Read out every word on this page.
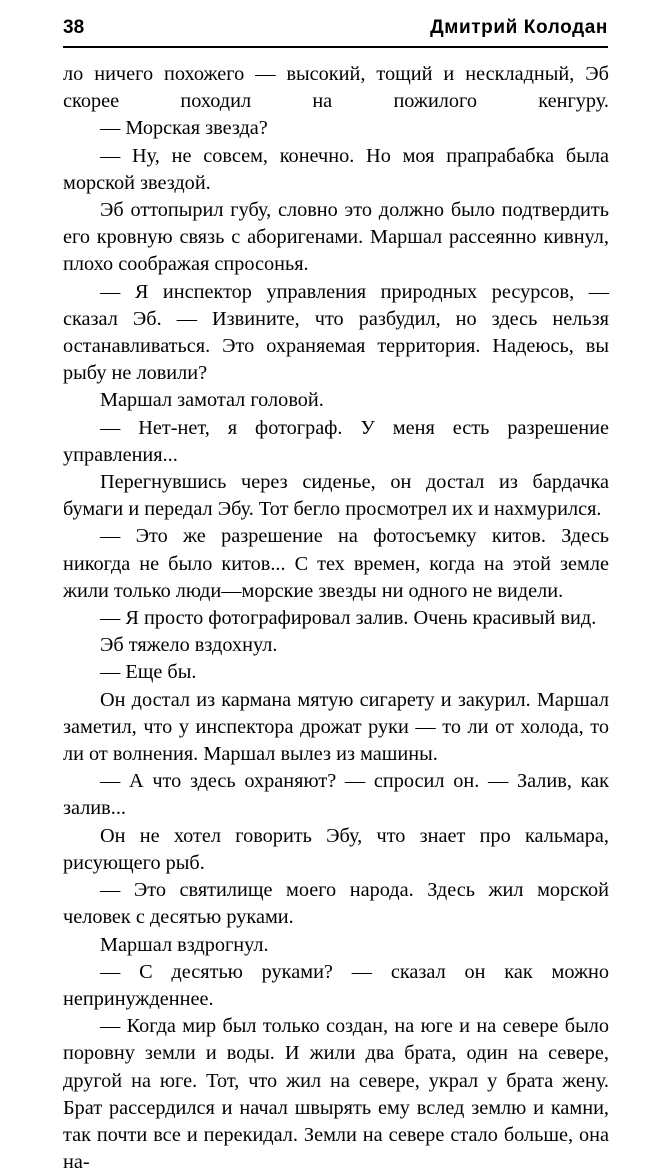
38	Дмитрий Колодан

ло ничего похожего — высокий, тощий и нескладный, Эб скорее походил на пожилого кенгуру.

— Морская звезда?

— Ну, не совсем, конечно. Но моя прапрабабка была морской звездой.

Эб оттопырил губу, словно это должно было подтвердить его кровную связь с аборигенами. Маршал рассеянно кивнул, плохо соображая спросонья.

— Я инспектор управления природных ресурсов, — сказал Эб. — Извините, что разбудил, но здесь нельзя останавливаться. Это охраняемая территория. Надеюсь, вы рыбу не ловили?

Маршал замотал головой.

— Нет-нет, я фотограф. У меня есть разрешение управления...

Перегнувшись через сиденье, он достал из бардачка бумаги и передал Эбу. Тот бегло просмотрел их и нахмурился.

— Это же разрешение на фотосъемку китов. Здесь никогда не было китов... С тех времен, когда на этой земле жили только люди—морские звезды ни одного не видели.

— Я просто фотографировал залив. Очень красивый вид.

Эб тяжело вздохнул.

— Еще бы.

Он достал из кармана мятую сигарету и закурил. Маршал заметил, что у инспектора дрожат руки — то ли от холода, то ли от волнения. Маршал вылез из машины.

— А что здесь охраняют? — спросил он. — Залив, как залив...

Он не хотел говорить Эбу, что знает про кальмара, рисующего рыб.

— Это святилище моего народа. Здесь жил морской человек с десятью руками.

Маршал вздрогнул.

— С десятью руками? — сказал он как можно непринужденнее.

— Когда мир был только создан, на юге и на севере было поровну земли и воды. И жили два брата, один на севере, другой на юге. Тот, что жил на севере, украл у брата жену. Брат рассердился и начал швырять ему вслед землю и камни, так почти все и перекидал. Земли на севере стало больше, она на-
